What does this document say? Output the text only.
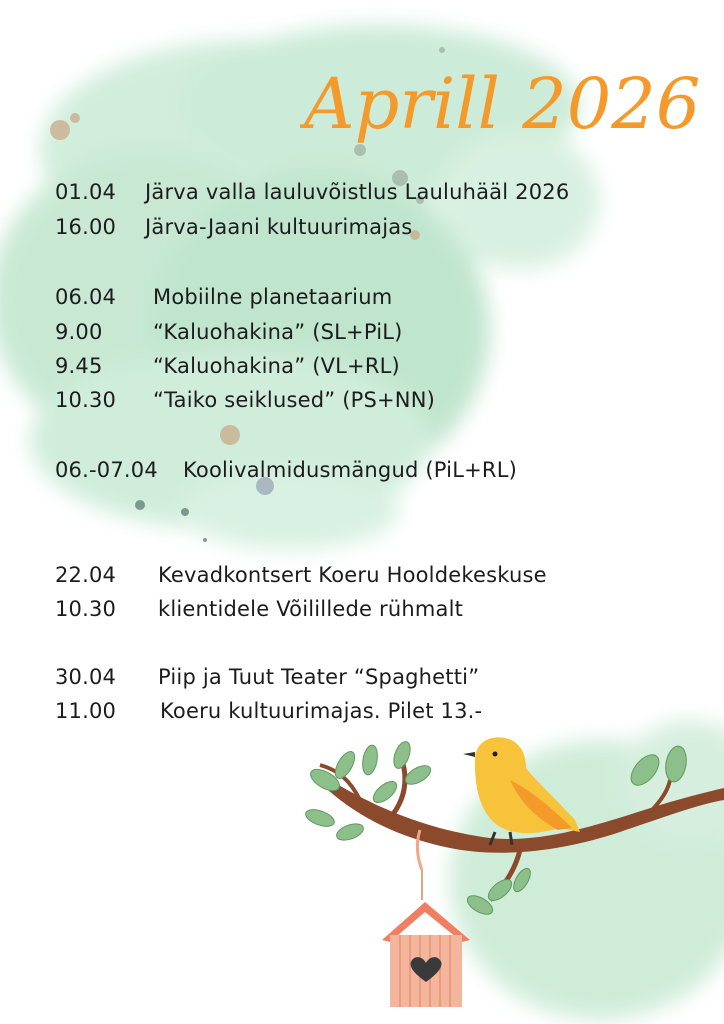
Aprill 2026
01.04 Järva valla lauluvõistlus Lauluhääl 2026
16.00 Järva-Jaani kultuurimajas
06.04 Mobiilne planetaarium
9.00 “Kaluohakina” (SL+PiL)
9.45 “Kaluohakina” (VL+RL)
10.30 “Taiko seiklused” (PS+NN)
06.-07.04 Koolivalmidusmängud (PiL+RL)
22.04 Kevadkontsert Koeru Hooldekeskuse
10.30 klientidele Võilillede rühmalt
30.04 Piip ja Tuut Teater “Spaghetti”
11.00 Koeru kultuurimajas. Pilet 13.-
